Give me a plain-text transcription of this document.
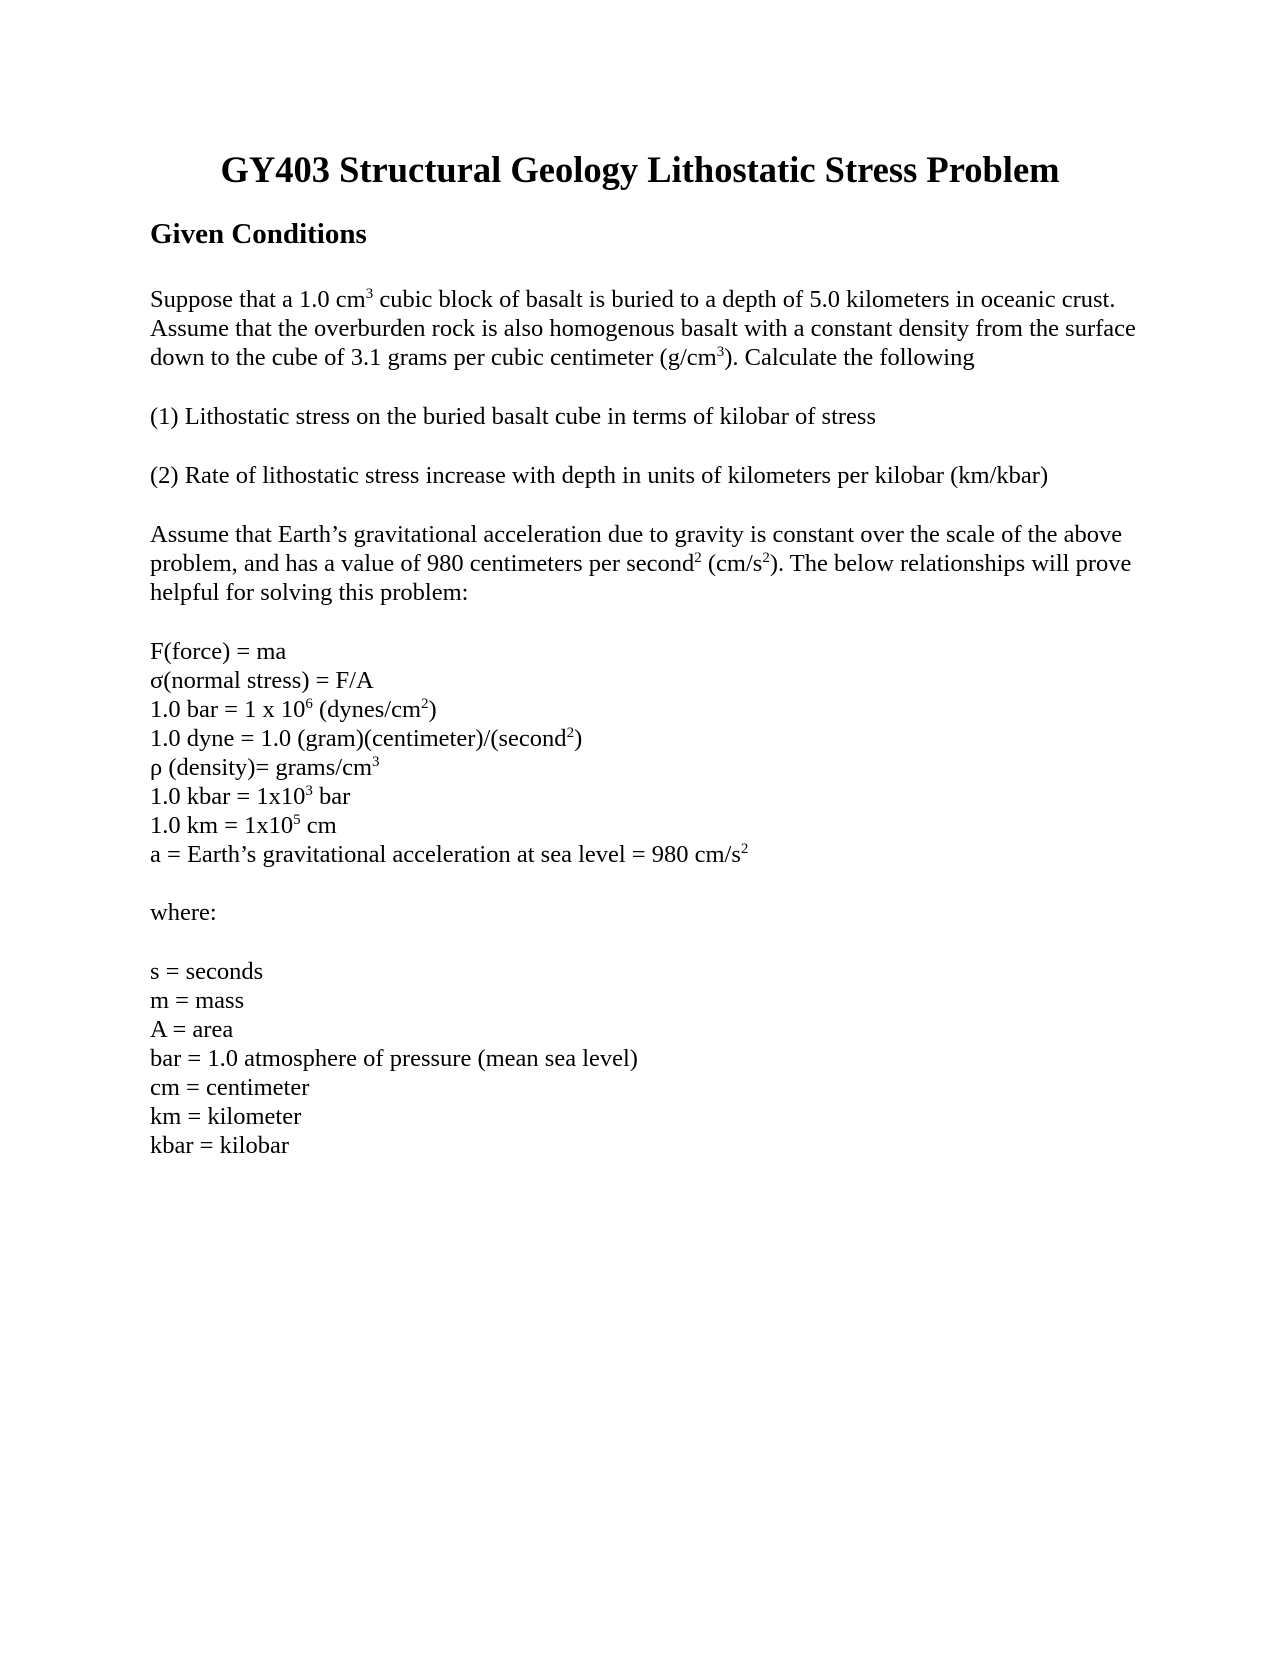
GY403 Structural Geology Lithostatic Stress Problem
Given Conditions

Suppose that a 1.0 $cm^3$ cubic block of basalt is buried to a depth of 5.0 kilometers in oceanic crust. Assume that the overburden rock is also homogenous basalt with a constant density from the surface down to the cube of 3.1 grams per cubic centimeter $(g/cm^3)$. Calculate the following

(1) Lithostatic stress on the buried basalt cube in terms of kilobar of stress

(2) Rate of lithostatic stress increase with depth in units of kilometers per kilobar (km/kbar)

Assume that Earth’s gravitational acceleration due to gravity is constant over the scale of the above problem, and has a value of 980 centimeters per second$^2$ $(cm/s^2)$. The below relationships will prove helpful for solving this problem:

F(force) = ma
σ(normal stress) = F/A
1.0 bar = 1 x $10^6$ $(dynes/cm^2)$
1.0 dyne = 1.0 (gram)(centimeter)/(second$^2$)
ρ (density)= grams/$cm^3$
1.0 kbar = $1x10^3$ bar
1.0 km = $1x10^5$ cm
a = Earth’s gravitational acceleration at sea level = 980 $cm/s^2$

where:

s = seconds
m = mass
A = area
bar = 1.0 atmosphere of pressure (mean sea level)
cm = centimeter
km = kilometer
kbar = kilobar
